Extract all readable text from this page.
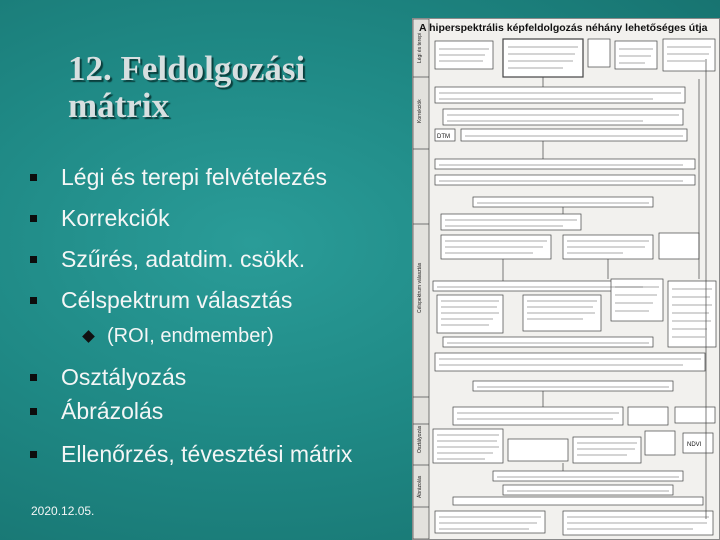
12. Feldolgozási
mátrix
Légi és terepi felvételezés
Korrekciók
Szűrés, adatdim. csökk.
Célspektrum választás
(ROI, endmember)
Osztályozás
Ábrázolás
Ellenőrzés, tévesztési mátrix
2020.12.05.
DTM
NDVI
Légi és terepi
Korrekciók
Célspektrum választás
Osztályozás
Ábrázolás
A hiperspektrális képfeldolgozás néhány lehetőséges útja
